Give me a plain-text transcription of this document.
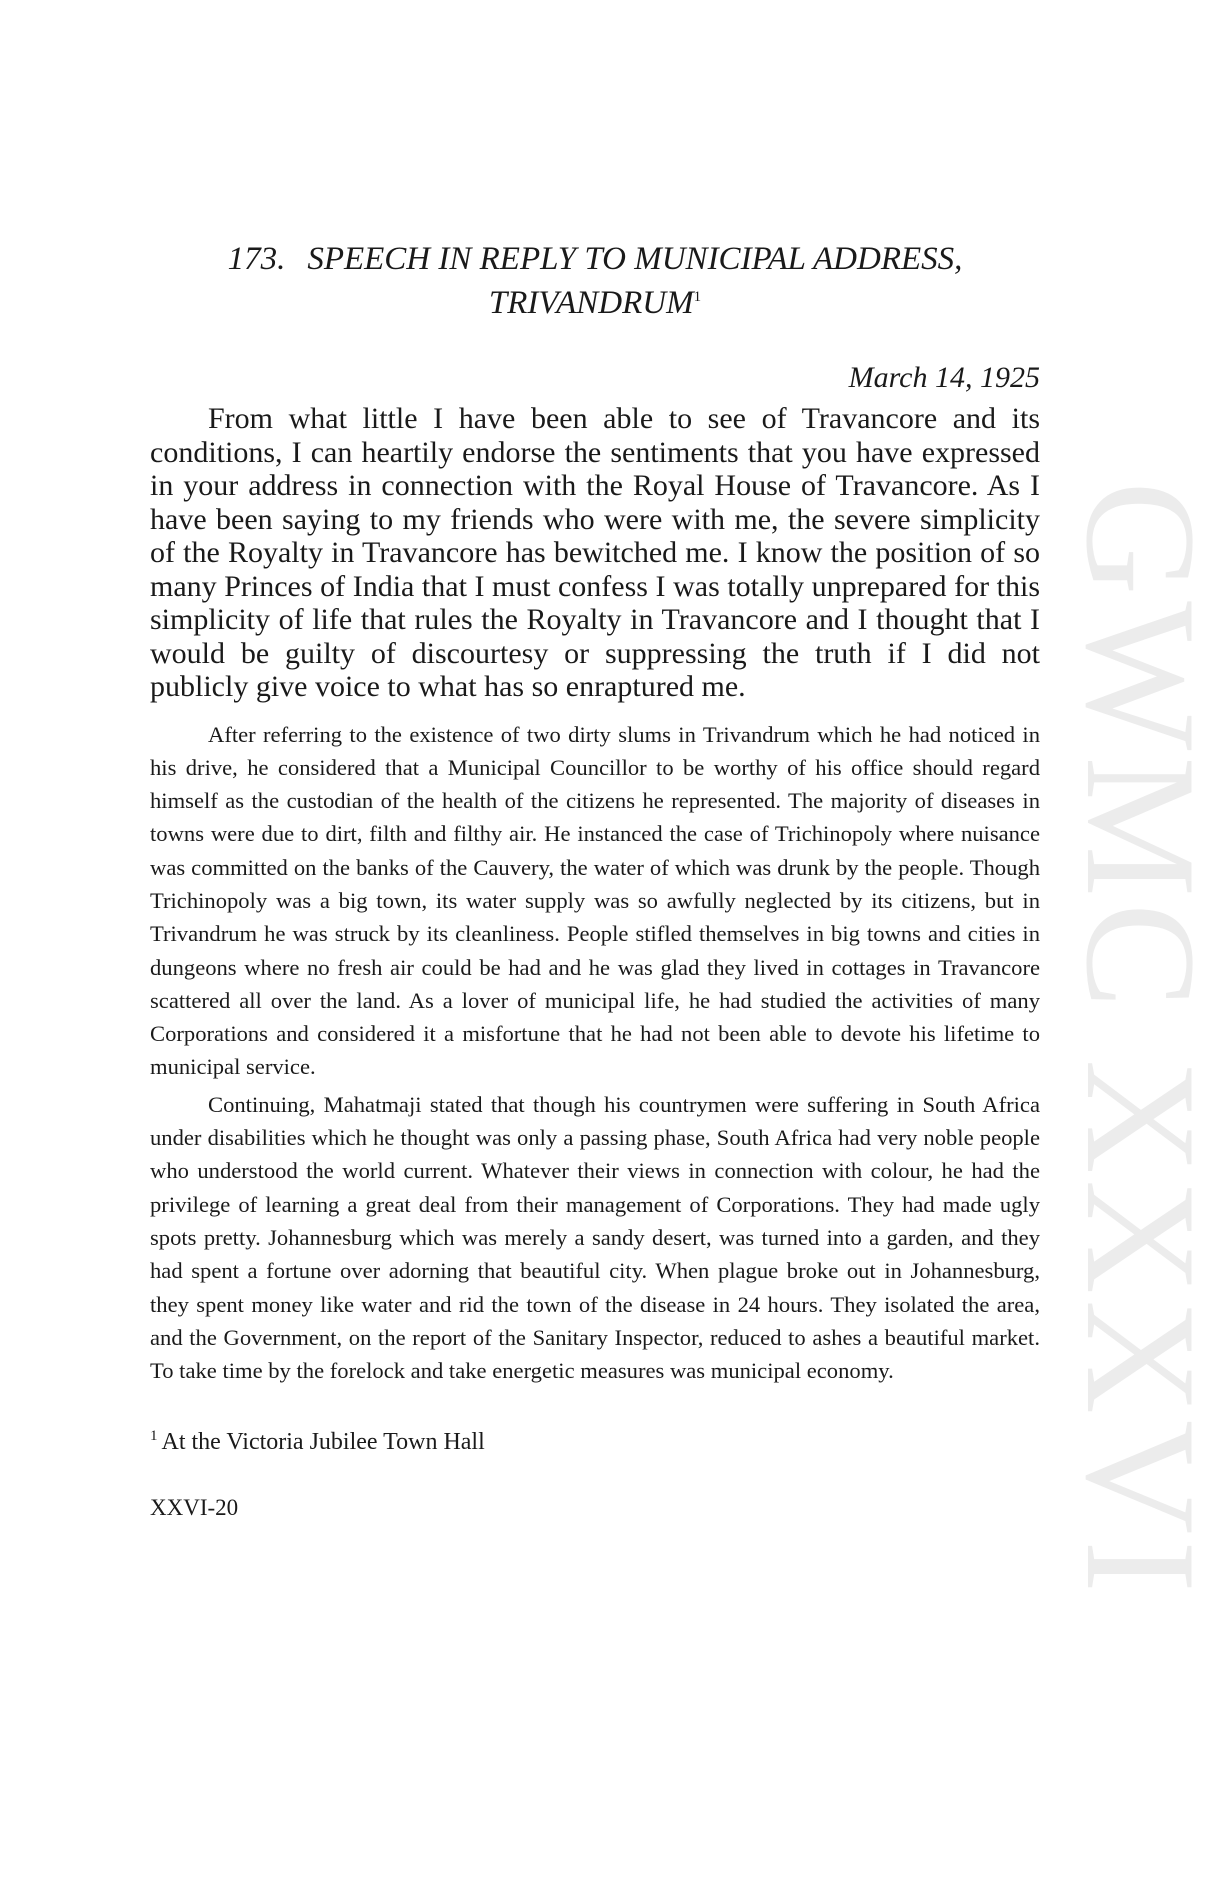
GWMC XXXVI
173. SPEECH IN REPLY TO MUNICIPAL ADDRESS,
TRIVANDRUM$^1$

March 14, 1925

From what little I have been able to see of Travancore and its conditions, I can heartily endorse the sentiments that you have expressed in your address in connection with the Royal House of Travancore. As I have been saying to my friends who were with me, the severe simplicity of the Royalty in Travancore has bewitched me. I know the position of so many Princes of India that I must confess I was totally unprepared for this simplicity of life that rules the Royalty in Travancore and I thought that I would be guilty of discourtesy or suppressing the truth if I did not publicly give voice to what has so enraptured me.

After referring to the existence of two dirty slums in Trivandrum which he had noticed in his drive, he considered that a Municipal Councillor to be worthy of his office should regard himself as the custodian of the health of the citizens he represented. The majority of diseases in towns were due to dirt, filth and filthy air. He instanced the case of Trichinopoly where nuisance was committed on the banks of the Cauvery, the water of which was drunk by the people. Though Trichinopoly was a big town, its water supply was so awfully neglected by its citizens, but in Trivandrum he was struck by its cleanliness. People stifled themselves in big towns and cities in dungeons where no fresh air could be had and he was glad they lived in cottages in Travancore scattered all over the land. As a lover of municipal life, he had studied the activities of many Corporations and considered it a misfortune that he had not been able to devote his lifetime to municipal service.

Continuing, Mahatmaji stated that though his countrymen were suffering in South Africa under disabilities which he thought was only a passing phase, South Africa had very noble people who understood the world current. Whatever their views in connection with colour, he had the privilege of learning a great deal from their management of Corporations. They had made ugly spots pretty. Johannesburg which was merely a sandy desert, was turned into a garden, and they had spent a fortune over adorning that beautiful city. When plague broke out in Johannesburg, they spent money like water and rid the town of the disease in 24 hours. They isolated the area, and the Government, on the report of the Sanitary Inspector, reduced to ashes a beautiful market. To take time by the forelock and take energetic measures was municipal economy.

$^1$ At the Victoria Jubilee Town Hall

XXVI-20
